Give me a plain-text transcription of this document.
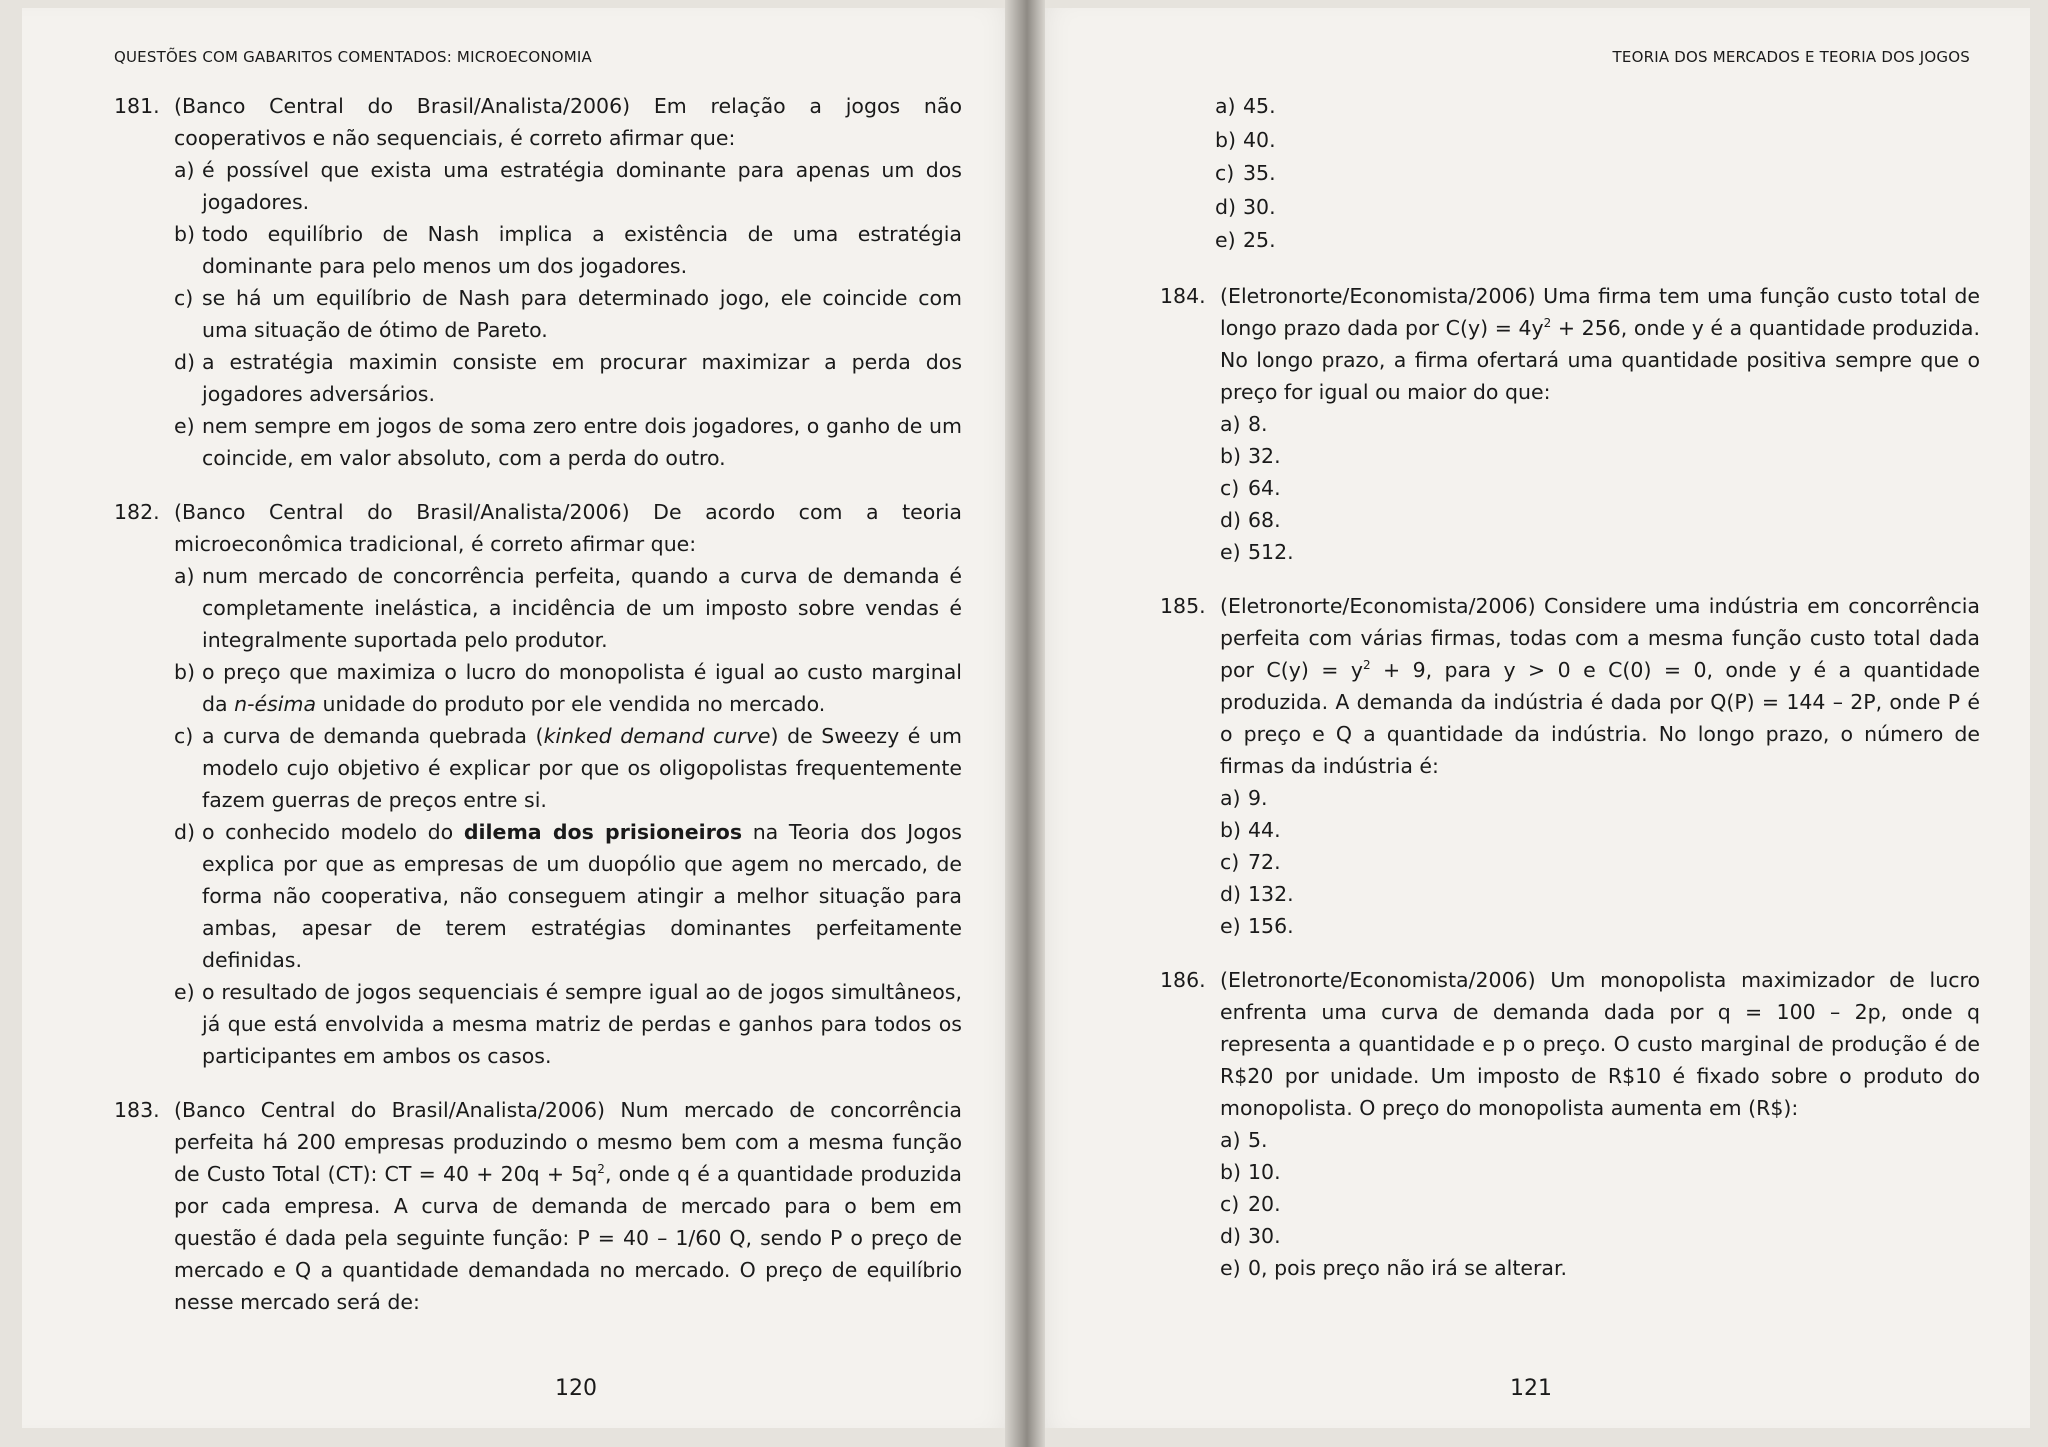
QUESTÕES COM GABARITOS COMENTADOS: MICROECONOMIA
181. (Banco Central do Brasil/Analista/2006) Em relação a jogos não cooperativos e não sequenciais, é correto afirmar que:
a) é possível que exista uma estratégia dominante para apenas um dos jogadores.
b) todo equilíbrio de Nash implica a existência de uma estratégia dominante para pelo menos um dos jogadores.
c) se há um equilíbrio de Nash para determinado jogo, ele coincide com uma situação de ótimo de Pareto.
d) a estratégia maximin consiste em procurar maximizar a perda dos jogadores adversários.
e) nem sempre em jogos de soma zero entre dois jogadores, o ganho de um coincide, em valor absoluto, com a perda do outro.
182. (Banco Central do Brasil/Analista/2006) De acordo com a teoria microeconômica tradicional, é correto afirmar que:
a) num mercado de concorrência perfeita, quando a curva de demanda é completamente inelástica, a incidência de um imposto sobre vendas é integralmente suportada pelo produtor.
b) o preço que maximiza o lucro do monopolista é igual ao custo marginal da n-ésima unidade do produto por ele vendida no mercado.
c) a curva de demanda quebrada (kinked demand curve) de Sweezy é um modelo cujo objetivo é explicar por que os oligopolistas frequentemente fazem guerras de preços entre si.
d) o conhecido modelo do dilema dos prisioneiros na Teoria dos Jogos explica por que as empresas de um duopólio que agem no mercado, de forma não cooperativa, não conseguem atingir a melhor situação para ambas, apesar de terem estratégias dominantes perfeitamente definidas.
e) o resultado de jogos sequenciais é sempre igual ao de jogos simultâneos, já que está envolvida a mesma matriz de perdas e ganhos para todos os participantes em ambos os casos.
183. (Banco Central do Brasil/Analista/2006) Num mercado de concorrência perfeita há 200 empresas produzindo o mesmo bem com a mesma função de Custo Total (CT): CT = $40 + 20q + 5q^2$, onde q é a quantidade produzida por cada empresa. A curva de demanda de mercado para o bem em questão é dada pela seguinte função: P = 40 – 1/60 Q, sendo P o preço de mercado e Q a quantidade demandada no mercado. O preço de equilíbrio nesse mercado será de:
120
TEORIA DOS MERCADOS E TEORIA DOS JOGOS
a) 45.
b) 40.
c) 35.
d) 30.
e) 25.
184. (Eletronorte/Economista/2006) Uma firma tem uma função custo total de longo prazo dada por $C(y) = 4y^2 + 256$, onde y é a quantidade produzida. No longo prazo, a firma ofertará uma quantidade positiva sempre que o preço for igual ou maior do que:
a) 8.
b) 32.
c) 64.
d) 68.
e) 512.
185. (Eletronorte/Economista/2006) Considere uma indústria em concorrência perfeita com várias firmas, todas com a mesma função custo total dada por $C(y) = y^2 + 9$, para y > 0 e C(0) = 0, onde y é a quantidade produzida. A demanda da indústria é dada por Q(P) = 144 – 2P, onde P é o preço e Q a quantidade da indústria. No longo prazo, o número de firmas da indústria é:
a) 9.
b) 44.
c) 72.
d) 132.
e) 156.
186. (Eletronorte/Economista/2006) Um monopolista maximizador de lucro enfrenta uma curva de demanda dada por q = 100 – 2p, onde q representa a quantidade e p o preço. O custo marginal de produção é de R$20 por unidade. Um imposto de R$10 é fixado sobre o produto do monopolista. O preço do monopolista aumenta em (R$):
a) 5.
b) 10.
c) 20.
d) 30.
e) 0, pois preço não irá se alterar.
121
